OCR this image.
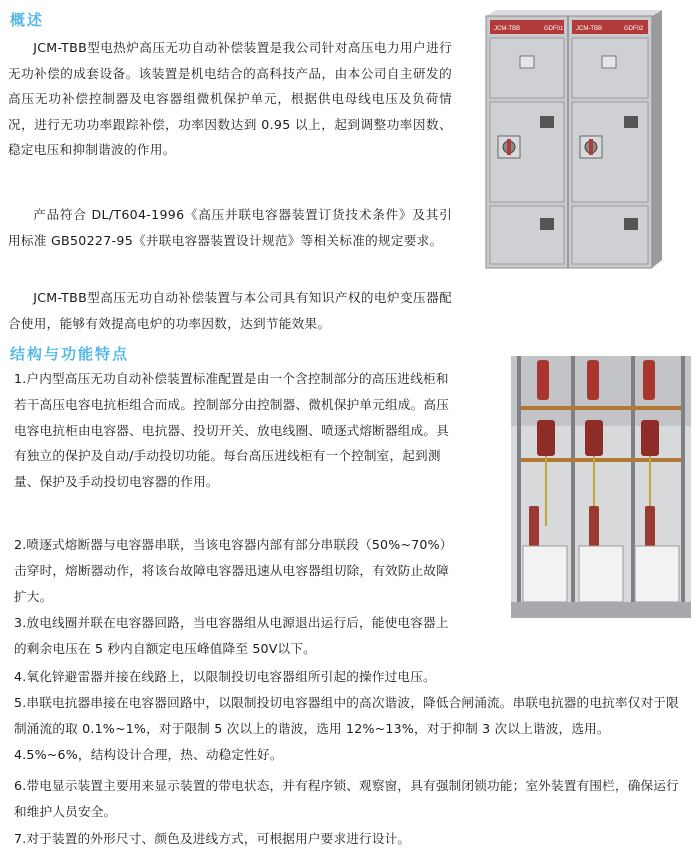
概述
JCM-TBB型电热炉高压无功自动补偿装置是我公司针对高压电力用户进行无功补偿的成套设备。该装置是机电结合的高科技产品，由本公司自主研发的高压无功补偿控制器及电容器组微机保护单元，根据供电母线电压及负荷情况，进行无功功率跟踪补偿，功率因数达到 0.95 以上，起到调整功率因数、稳定电压和抑制谐波的作用。
产品符合 DL/T604-1996《高压并联电容器装置订货技术条件》及其引用标准 GB50227-95《并联电容器装置设计规范》等相关标准的规定要求。
JCM-TBB型高压无功自动补偿装置与本公司具有知识产权的电炉变压器配合使用，能够有效提高电炉的功率因数，达到节能效果。
JCM-TBB	GDF01 JCM-TBB	GDF02
结构与功能特点
1.户内型高压无功自动补偿装置标准配置是由一个含控制部分的高压进线柜和若干高压电容电抗柜组合而成。控制部分由控制器、微机保护单元组成。高压电容电抗柜由电容器、电抗器、投切开关、放电线圈、喷逐式熔断器组成。具有独立的保护及自动/手动投切功能。每台高压进线柜有一个控制室，起到测量、保护及手动投切电容器的作用。
2.喷逐式熔断器与电容器串联，当该电容器内部有部分串联段（50%~70%）击穿时，熔断器动作，将该台故障电容器迅速从电容器组切除，有效防止故障扩大。
3.放电线圈并联在电容器回路，当电容器组从电源退出运行后，能使电容器上的剩余电压在 5 秒内自额定电压峰值降至 50V以下。
4.氧化锌避雷器并接在线路上，以限制投切电容器组所引起的操作过电压。
5.串联电抗器串接在电容器回路中，以限制投切电容器组中的高次谐波，降低合闸涌流。串联电抗器的电抗率仅对于限制涌流的取 0.1%~1%，对于限制 5 次以上的谐波，选用 12%~13%，对于抑制 3 次以上谐波，选用。4.5%~6%，结构设计合理，热、动稳定性好。
6.带电显示装置主要用来显示装置的带电状态，并有程序锁、观察窗，具有强制闭锁功能；室外装置有围栏，确保运行和维护人员安全。
7.对于装置的外形尺寸、颜色及进线方式，可根据用户要求进行设计。
